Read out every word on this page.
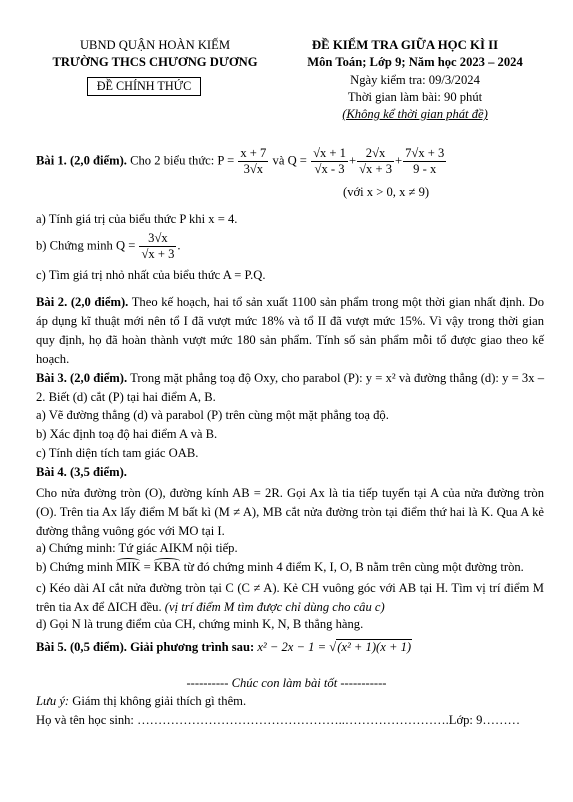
UBND QUẬN HOÀN KIẾM
TRƯỜNG THCS CHƯƠNG DƯƠNG
ĐỀ CHÍNH THỨC
ĐỀ KIỂM TRA GIỮA HỌC KÌ II
Môn Toán; Lớp 9; Năm học 2023 – 2024
Ngày kiểm tra: 09/3/2024
Thời gian làm bài: 90 phút
(Không kể thời gian phát đề)
Bài 1. (2,0 điểm). Cho 2 biểu thức: $P = \frac{x + 7}{3√x}$ và $Q = \frac{√x + 1}{√x - 3} + \frac{2√x}{√x + 3} + \frac{7√x + 3}{9 - x}$
(với x > 0, x ≠ 9)
a) Tính giá trị của biểu thức P khi x = 4.
b) Chứng minh $Q = \frac{3√x}{√x + 3}$ .
c) Tìm giá trị nhỏ nhất của biểu thức A = P.Q.
Bài 2. (2,0 điểm). Theo kế hoạch, hai tổ sản xuất 1100 sản phẩm trong một thời gian nhất định. Do áp dụng kĩ thuật mới nên tổ I đã vượt mức 18% và tổ II đã vượt mức 15%. Vì vậy trong thời gian quy định, họ đã hoàn thành vượt mức 180 sản phẩm. Tính số sản phẩm mỗi tổ được giao theo kế hoạch.
Bài 3. (2,0 điểm). Trong mặt phẳng toạ độ Oxy, cho parabol (P): y = x² và đường thẳng (d): y = 3x – 2. Biết (d) cắt (P) tại hai điểm A, B.
a) Vẽ đường thẳng (d) và parabol (P) trên cùng một mặt phẳng toạ độ.
b) Xác định toạ độ hai điểm A và B.
c) Tính diện tích tam giác OAB.
Bài 4. (3,5 điểm).
Cho nửa đường tròn (O), đường kính AB = 2R. Gọi Ax là tia tiếp tuyến tại A của nửa đường tròn (O). Trên tia Ax lấy điểm M bất kì (M ≠ A), MB cắt nửa đường tròn tại điểm thứ hai là K. Qua A kẻ đường thẳng vuông góc với MO tại I.
a) Chứng minh: Tứ giác AIKM nội tiếp.
b) Chứng minh MIK = KBA từ đó chứng minh 4 điểm K, I, O, B nằm trên cùng một đường tròn.
c) Kéo dài AI cắt nửa đường tròn tại C (C ≠ A). Kẻ CH vuông góc với AB tại H. Tìm vị trí điểm M trên tia Ax để ΔICH đều. (vị trí điểm M tìm được chỉ dùng cho câu c)
d) Gọi N là trung điểm của CH, chứng minh K, N, B thẳng hàng.
Bài 5. (0,5 điểm). Giải phương trình sau: x² − 2x − 1 = √(x² + 1)(x + 1)
---------- Chúc con làm bài tốt -----------
Lưu ý: Giám thị không giải thích gì thêm.
Họ và tên học sinh: …………………………………………..…………………….Lớp: 9………
